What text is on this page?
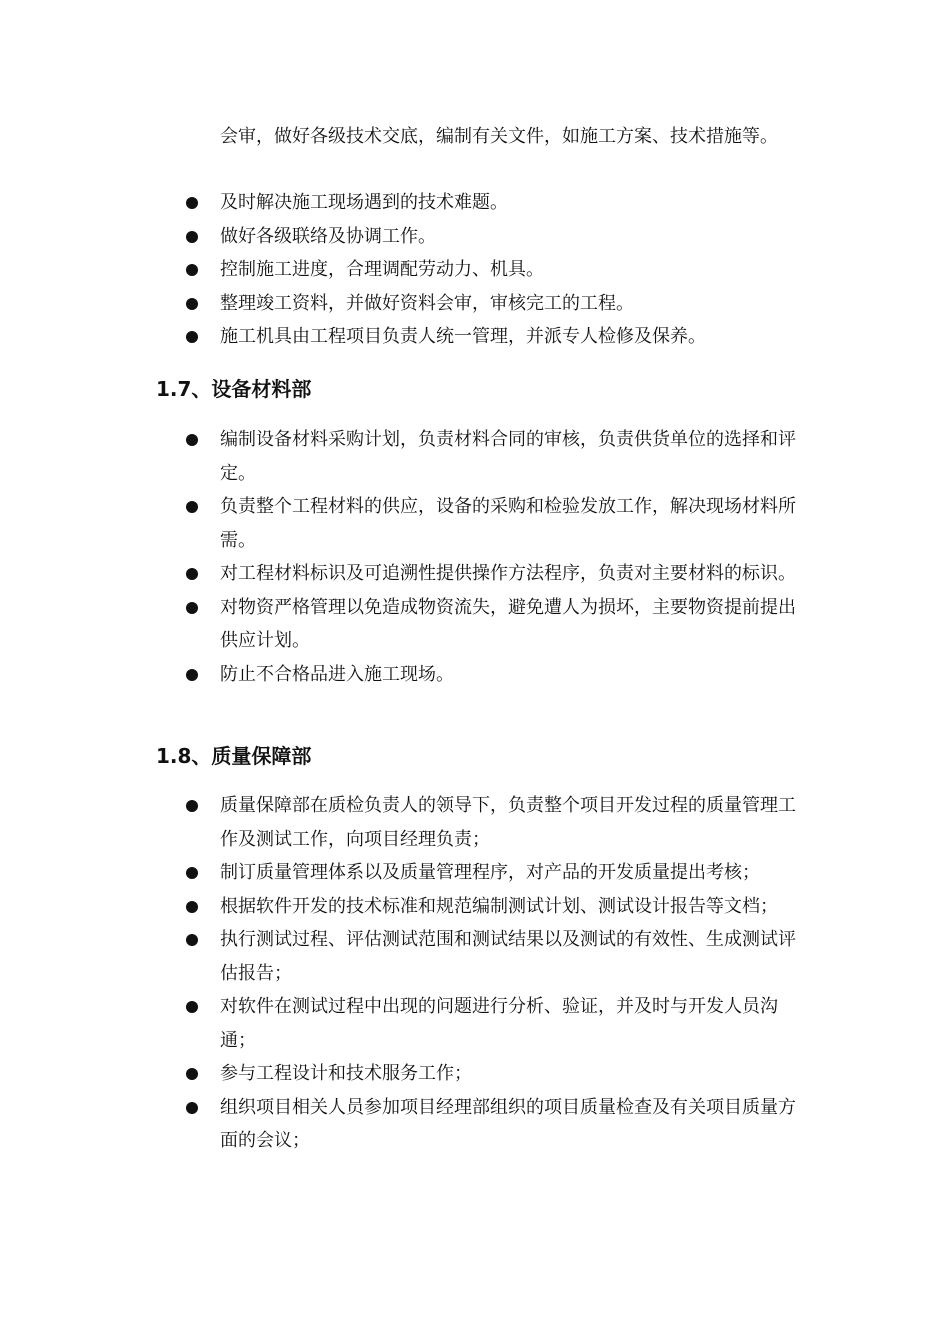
会审，做好各级技术交底，编制有关文件，如施工方案、技术措施等。
及时解决施工现场遇到的技术难题。
做好各级联络及协调工作。
控制施工进度，合理调配劳动力、机具。
整理竣工资料，并做好资料会审，审核完工的工程。
施工机具由工程项目负责人统一管理，并派专人检修及保养。
1.7、设备材料部
编制设备材料采购计划，负责材料合同的审核，负责供货单位的选择和评定。
负责整个工程材料的供应，设备的采购和检验发放工作，解决现场材料所需。
对工程材料标识及可追溯性提供操作方法程序，负责对主要材料的标识。
对物资严格管理以免造成物资流失，避免遭人为损坏，主要物资提前提出供应计划。
防止不合格品进入施工现场。
1.8、质量保障部
质量保障部在质检负责人的领导下，负责整个项目开发过程的质量管理工作及测试工作，向项目经理负责；
制订质量管理体系以及质量管理程序，对产品的开发质量提出考核；
根据软件开发的技术标准和规范编制测试计划、测试设计报告等文档；
执行测试过程、评估测试范围和测试结果以及测试的有效性、生成测试评估报告；
对软件在测试过程中出现的问题进行分析、验证，并及时与开发人员沟通；
参与工程设计和技术服务工作；
组织项目相关人员参加项目经理部组织的项目质量检查及有关项目质量方面的会议；
